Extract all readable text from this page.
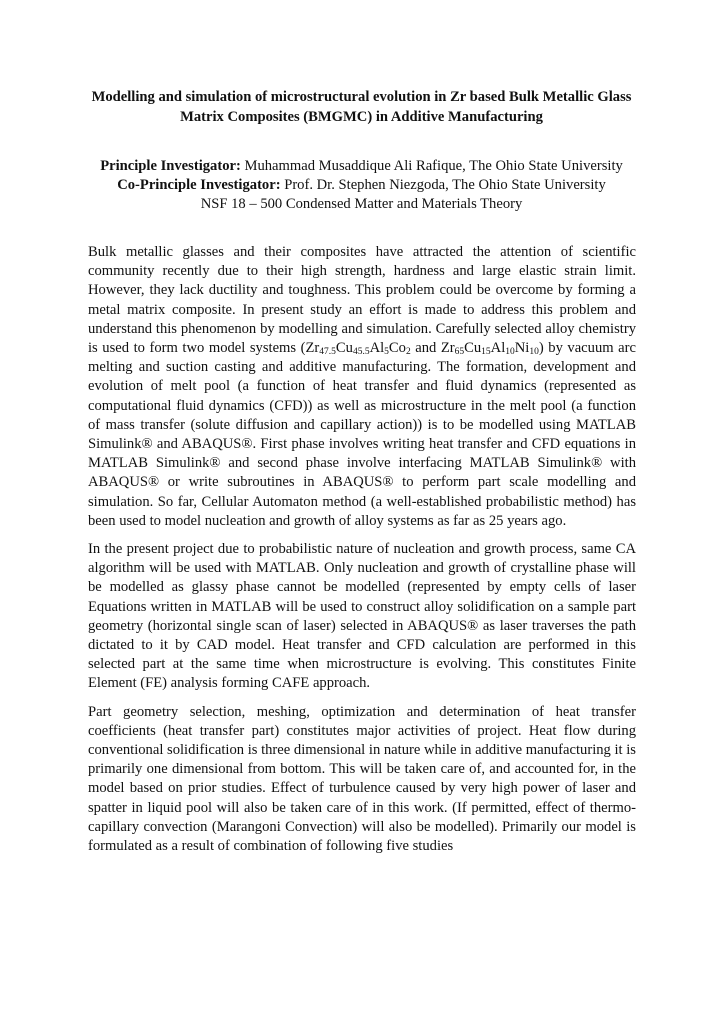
Modelling and simulation of microstructural evolution in Zr based Bulk Metallic Glass
Matrix Composites (BMGMC) in Additive Manufacturing
Principle Investigator: Muhammad Musaddique Ali Rafique, The Ohio State University
Co-Principle Investigator: Prof. Dr. Stephen Niezgoda, The Ohio State University
NSF 18 – 500 Condensed Matter and Materials Theory

Bulk metallic glasses and their composites have attracted the attention of scientific community recently due to their high strength, hardness and large elastic strain limit. However, they lack ductility and toughness. This problem could be overcome by forming a metal matrix composite. In present study an effort is made to address this problem and understand this phenomenon by modelling and simulation. Carefully selected alloy chemistry is used to form two model systems ($Zr_{47.5}Cu_{45.5}Al_5Co_2$ and $Zr_{65}Cu_{15}Al_{10}Ni_{10}$) by vacuum arc melting and suction casting and additive manufacturing. The formation, development and evolution of melt pool (a function of heat transfer and fluid dynamics (represented as computational fluid dynamics (CFD)) as well as microstructure in the melt pool (a function of mass transfer (solute diffusion and capillary action)) is to be modelled using MATLAB Simulink® and ABAQUS®. First phase involves writing heat transfer and CFD equations in MATLAB Simulink® and second phase involve interfacing MATLAB Simulink® with ABAQUS® or write subroutines in ABAQUS® to perform part scale modelling and simulation. So far, Cellular Automaton method (a well-established probabilistic method) has been used to model nucleation and growth of alloy systems as far as 25 years ago.

In the present project due to probabilistic nature of nucleation and growth process, same CA algorithm will be used with MATLAB. Only nucleation and growth of crystalline phase will be modelled as glassy phase cannot be modelled (represented by empty cells of laser Equations written in MATLAB will be used to construct alloy solidification on a sample part geometry (horizontal single scan of laser) selected in ABAQUS® as laser traverses the path dictated to it by CAD model. Heat transfer and CFD calculation are performed in this selected part at the same time when microstructure is evolving. This constitutes Finite Element (FE) analysis forming CAFE approach.

Part geometry selection, meshing, optimization and determination of heat transfer coefficients (heat transfer part) constitutes major activities of project. Heat flow during conventional solidification is three dimensional in nature while in additive manufacturing it is primarily one dimensional from bottom. This will be taken care of, and accounted for, in the model based on prior studies. Effect of turbulence caused by very high power of laser and spatter in liquid pool will also be taken care of in this work. (If permitted, effect of thermo-capillary convection (Marangoni Convection) will also be modelled). Primarily our model is formulated as a result of combination of following five studies
